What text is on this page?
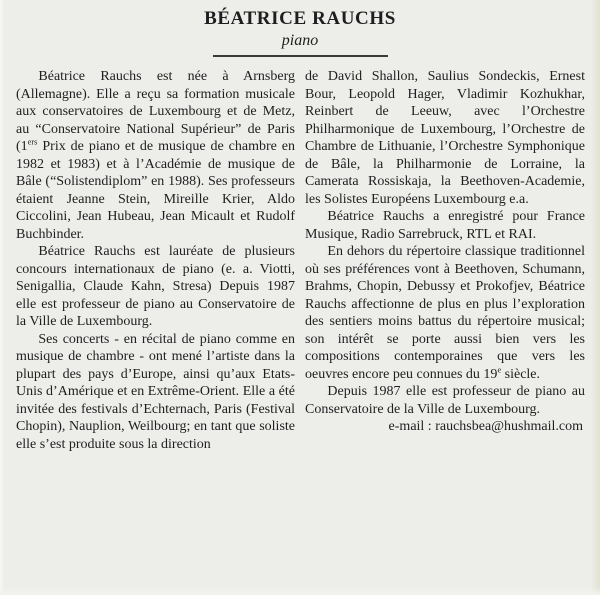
BÉATRICE RAUCHS
piano

Béatrice Rauchs est née à Arnsberg (Allemagne). Elle a reçu sa formation musicale aux conservatoires de Luxembourg et de Metz, au “Conservatoire National Supérieur” de Paris (1ers Prix de piano et de musique de chambre en 1982 et 1983) et à l’Académie de musique de Bâle (“Solistendiplom” en 1988). Ses professeurs étaient Jeanne Stein, Mireille Krier, Aldo Ciccolini, Jean Hubeau, Jean Micault et Rudolf Buchbinder.

Béatrice Rauchs est lauréate de plusieurs concours internationaux de piano (e. a. Viotti, Senigallia, Claude Kahn, Stresa) Depuis 1987 elle est professeur de piano au Conservatoire de la Ville de Luxembourg.

Ses concerts - en récital de piano comme en musique de chambre - ont mené l’artiste dans la plupart des pays d’Europe, ainsi qu’aux Etats-Unis d’Amérique et en Extrême-Orient. Elle a été invitée des festivals d’Echternach, Paris (Festival Chopin), Nauplion, Weilbourg; en tant que soliste elle s’est produite sous la direction

de David Shallon, Saulius Sondeckis, Ernest Bour, Leopold Hager, Vladimir Kozhukhar, Reinbert de Leeuw, avec l’Orchestre Philharmonique de Luxembourg, l’Orchestre de Chambre de Lithuanie, l’Orchestre Symphonique de Bâle, la Philharmonie de Lorraine, la Camerata Rossiskaja, la Beethoven-Academie, les Solistes Européens Luxembourg e.a.

Béatrice Rauchs a enregistré pour France Musique, Radio Sarrebruck, RTL et RAI.

En dehors du répertoire classique traditionnel où ses préférences vont à Beethoven, Schumann, Brahms, Chopin, Debussy et Prokofjev, Béatrice Rauchs affectionne de plus en plus l’exploration des sentiers moins battus du répertoire musical; son intérêt se porte aussi bien vers les compositions contemporaines que vers les oeuvres encore peu connues du 19e siècle.

Depuis 1987 elle est professeur de piano au Conservatoire de la Ville de Luxembourg.

e-mail : rauchsbea@hushmail.com
